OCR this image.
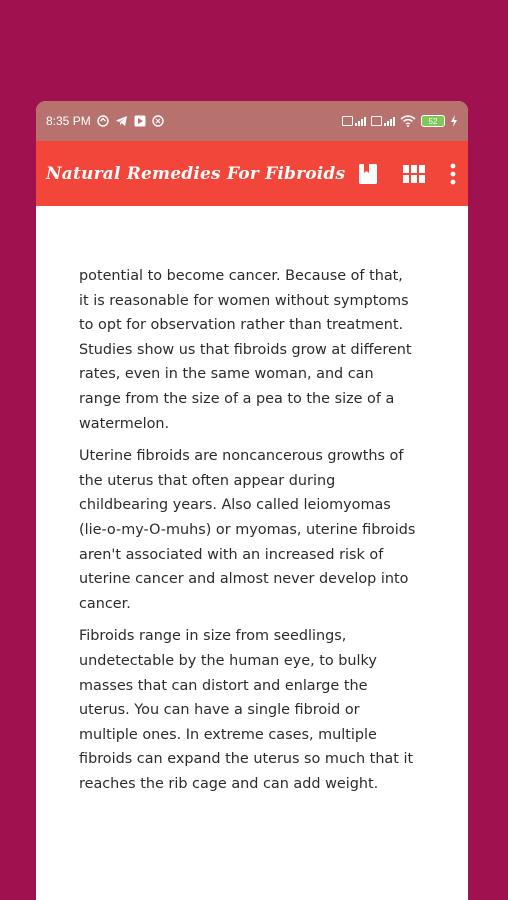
8:35 PM	52
Natural Remedies For Fibroids

potential to become cancer. Because of that, it is reasonable for women without symptoms to opt for observation rather than treatment. Studies show us that fibroids grow at different rates, even in the same woman, and can range from the size of a pea to the size of a watermelon.

Uterine fibroids are noncancerous growths of the uterus that often appear during childbearing years. Also called leiomyomas (lie-o-my-O-muhs) or myomas, uterine fibroids aren't associated with an increased risk of uterine cancer and almost never develop into cancer.

Fibroids range in size from seedlings, undetectable by the human eye, to bulky masses that can distort and enlarge the uterus. You can have a single fibroid or multiple ones. In extreme cases, multiple fibroids can expand the uterus so much that it reaches the rib cage and can add weight.
